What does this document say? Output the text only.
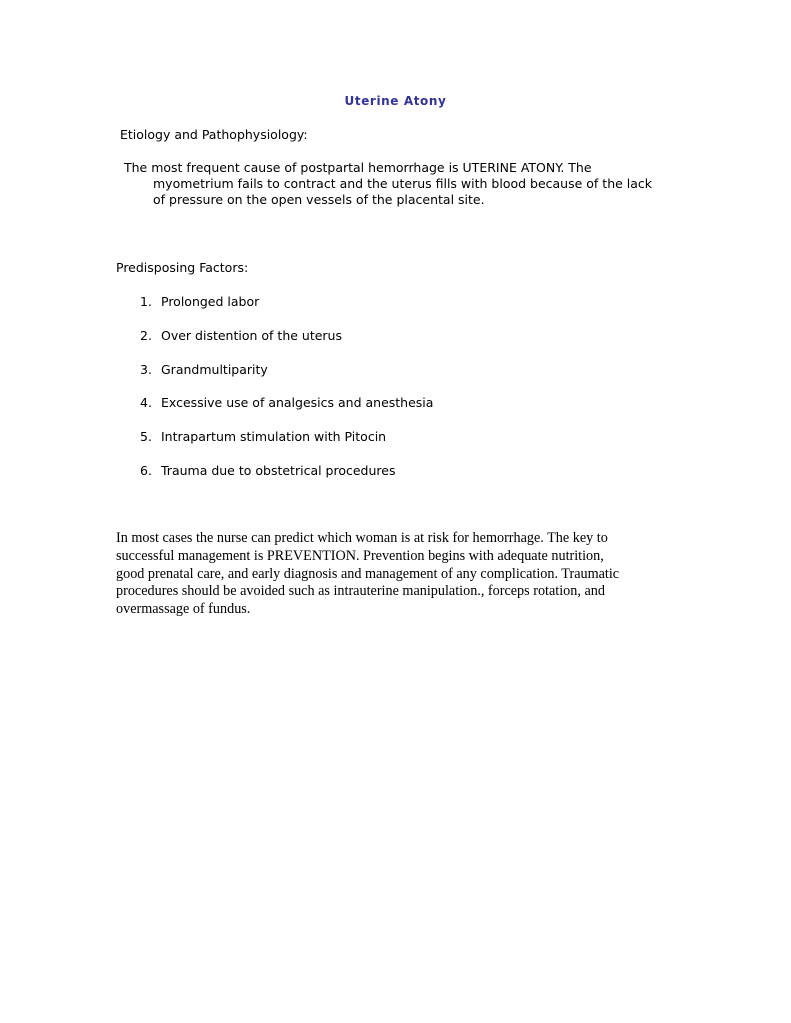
Uterine Atony
Etiology and Pathophysiology:
The most frequent cause of postpartal hemorrhage is UTERINE ATONY. The
myometrium fails to contract and the uterus fills with blood because of the lack
of pressure on the open vessels of the placental site.
Predisposing Factors:
1. Prolonged labor
2. Over distention of the uterus
3. Grandmultiparity
4. Excessive use of analgesics and anesthesia
5. Intrapartum stimulation with Pitocin
6. Trauma due to obstetrical procedures
In most cases the nurse can predict which woman is at risk for hemorrhage. The key to
successful management is PREVENTION. Prevention begins with adequate nutrition,
good prenatal care, and early diagnosis and management of any complication. Traumatic
procedures should be avoided such as intrauterine manipulation., forceps rotation, and
overmassage of fundus.
